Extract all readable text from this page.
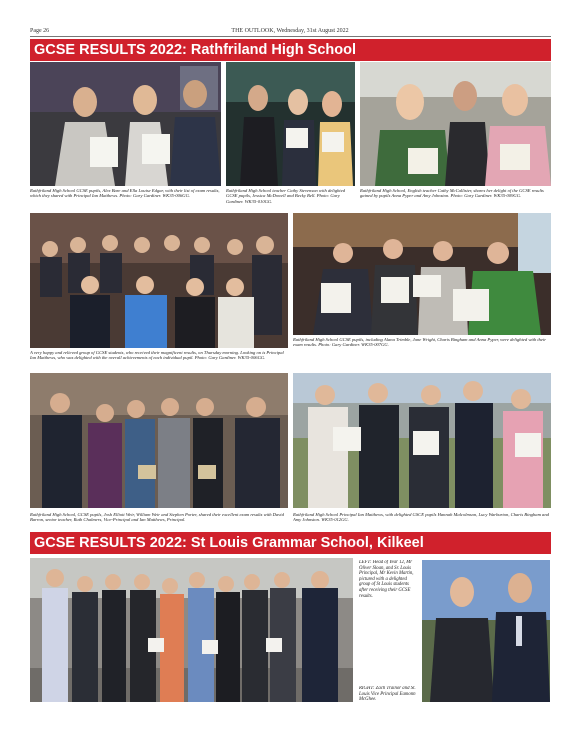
Page 26	THE OUTLOOK, Wednesday, 31st August 2022
GCSE RESULTS 2022: Rathfriland High School
Rathfriland High School GCSE pupils, Alex Bare and Ella Louise Edgar, with their list of exam results, which they shared with Principal Ian Matthews. Photo: Gary Gardiner. WK35-006GG.
Rathfriland High School teacher Cathy Stevenson with delighted GCSE pupils, Jessica McDowell and Becky Bell. Photo: Gary Gardiner. WK35-010GG.
Rathfriland High School, English teacher Cathy McCallister, shares her delight of the GCSE results gained by pupils Anna Pyper and Amy Johnston. Photo: Gary Gardiner. WK35-009GG.
A very happy and relieved group of GCSE students, who received their magnificent results, on Thursday morning. Looking on is Principal Ian Matthews, who was delighted with the overall achievements of each individual pupil. Photo: Gary Gardiner. WK35-006GG.
Rathfriland High School GCSE pupils, including Alana Trimble, Jane Wright, Charis Bingham and Anna Pyper, were delighted with their exam results. Photo: Gary Gardiner. WK35-007GG.
Rathfriland High School, GCSE pupils, Josh Elliott Weir, William Weir and Stephen Porter, shared their excellent exam results with David Barron, senior teacher, Ruth Chalmers, Vice-Principal and Ian Matthews, Principal.
Rathfriland High School Principal Ian Matthews, with delighted GSCE pupils Hannah Malcolmson, Lucy Warburton, Charis Bingham and Amy Johnston. WK35-012GG.
GCSE RESULTS 2022: St Louis Grammar School, Kilkeel
LEFT: Head of Year 12, Mr Oliver Sloan, and Sr. Louis Principal, Mr Kevin Martin, pictured with a delighted group of St Louis students after receiving their GCSE results.
RIGHT: Zach Trainor and St. Louis Vice Principal Eamonn McGhee.
